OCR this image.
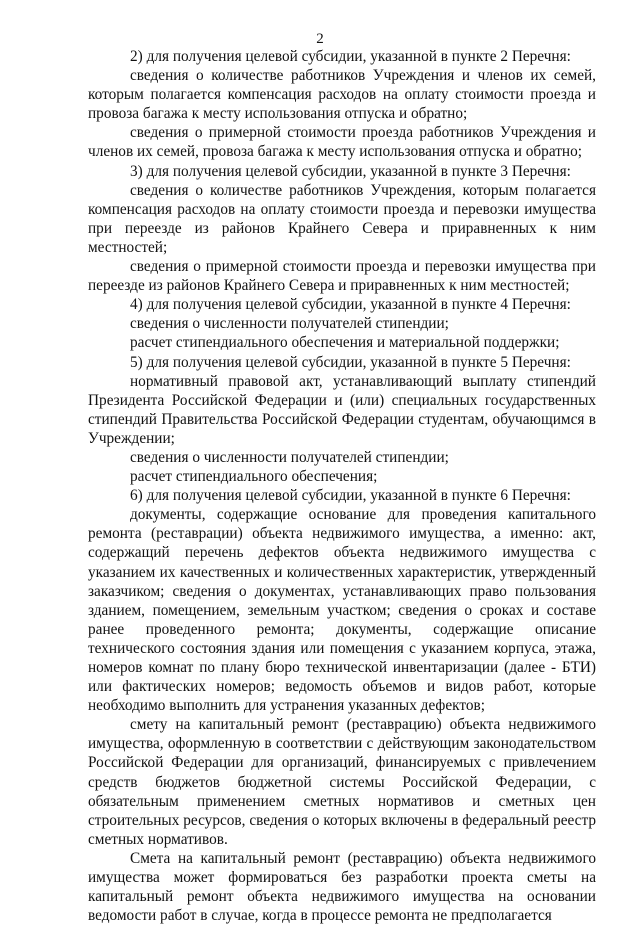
2

2) для получения целевой субсидии, указанной в пункте 2 Перечня:

сведения о количестве работников Учреждения и членов их семей, которым полагается компенсация расходов на оплату стоимости проезда и провоза багажа к месту использования отпуска и обратно;

сведения о примерной стоимости проезда работников Учреждения и членов их семей, провоза багажа к месту использования отпуска и обратно;

3) для получения целевой субсидии, указанной в пункте 3 Перечня:

сведения о количестве работников Учреждения, которым полагается компенсация расходов на оплату стоимости проезда и перевозки имущества при переезде из районов Крайнего Севера и приравненных к ним местностей;

сведения о примерной стоимости проезда и перевозки имущества при переезде из районов Крайнего Севера и приравненных к ним местностей;

4) для получения целевой субсидии, указанной в пункте 4 Перечня:

сведения о численности получателей стипендии;

расчет стипендиального обеспечения и материальной поддержки;

5) для получения целевой субсидии, указанной в пункте 5 Перечня:

нормативный правовой акт, устанавливающий выплату стипендий Президента Российской Федерации и (или) специальных государственных стипендий Правительства Российской Федерации студентам, обучающимся в Учреждении;

сведения о численности получателей стипендии;

расчет стипендиального обеспечения;

6) для получения целевой субсидии, указанной в пункте 6 Перечня:

документы, содержащие основание для проведения капитального ремонта (реставрации) объекта недвижимого имущества, а именно: акт, содержащий перечень дефектов объекта недвижимого имущества с указанием их качественных и количественных характеристик, утвержденный заказчиком; сведения о документах, устанавливающих право пользования зданием, помещением, земельным участком; сведения о сроках и составе ранее проведенного ремонта; документы, содержащие описание технического состояния здания или помещения с указанием корпуса, этажа, номеров комнат по плану бюро технической инвентаризации (далее - БТИ) или фактических номеров; ведомость объемов и видов работ, которые необходимо выполнить для устранения указанных дефектов;

смету на капитальный ремонт (реставрацию) объекта недвижимого имущества, оформленную в соответствии с действующим законодательством Российской Федерации для организаций, финансируемых с привлечением средств бюджетов бюджетной системы Российской Федерации, с обязательным применением сметных нормативов и сметных цен строительных ресурсов, сведения о которых включены в федеральный реестр сметных нормативов.

Смета на капитальный ремонт (реставрацию) объекта недвижимого имущества может формироваться без разработки проекта сметы на капитальный ремонт объекта недвижимого имущества на основании ведомости работ в случае, когда в процессе ремонта не предполагается
